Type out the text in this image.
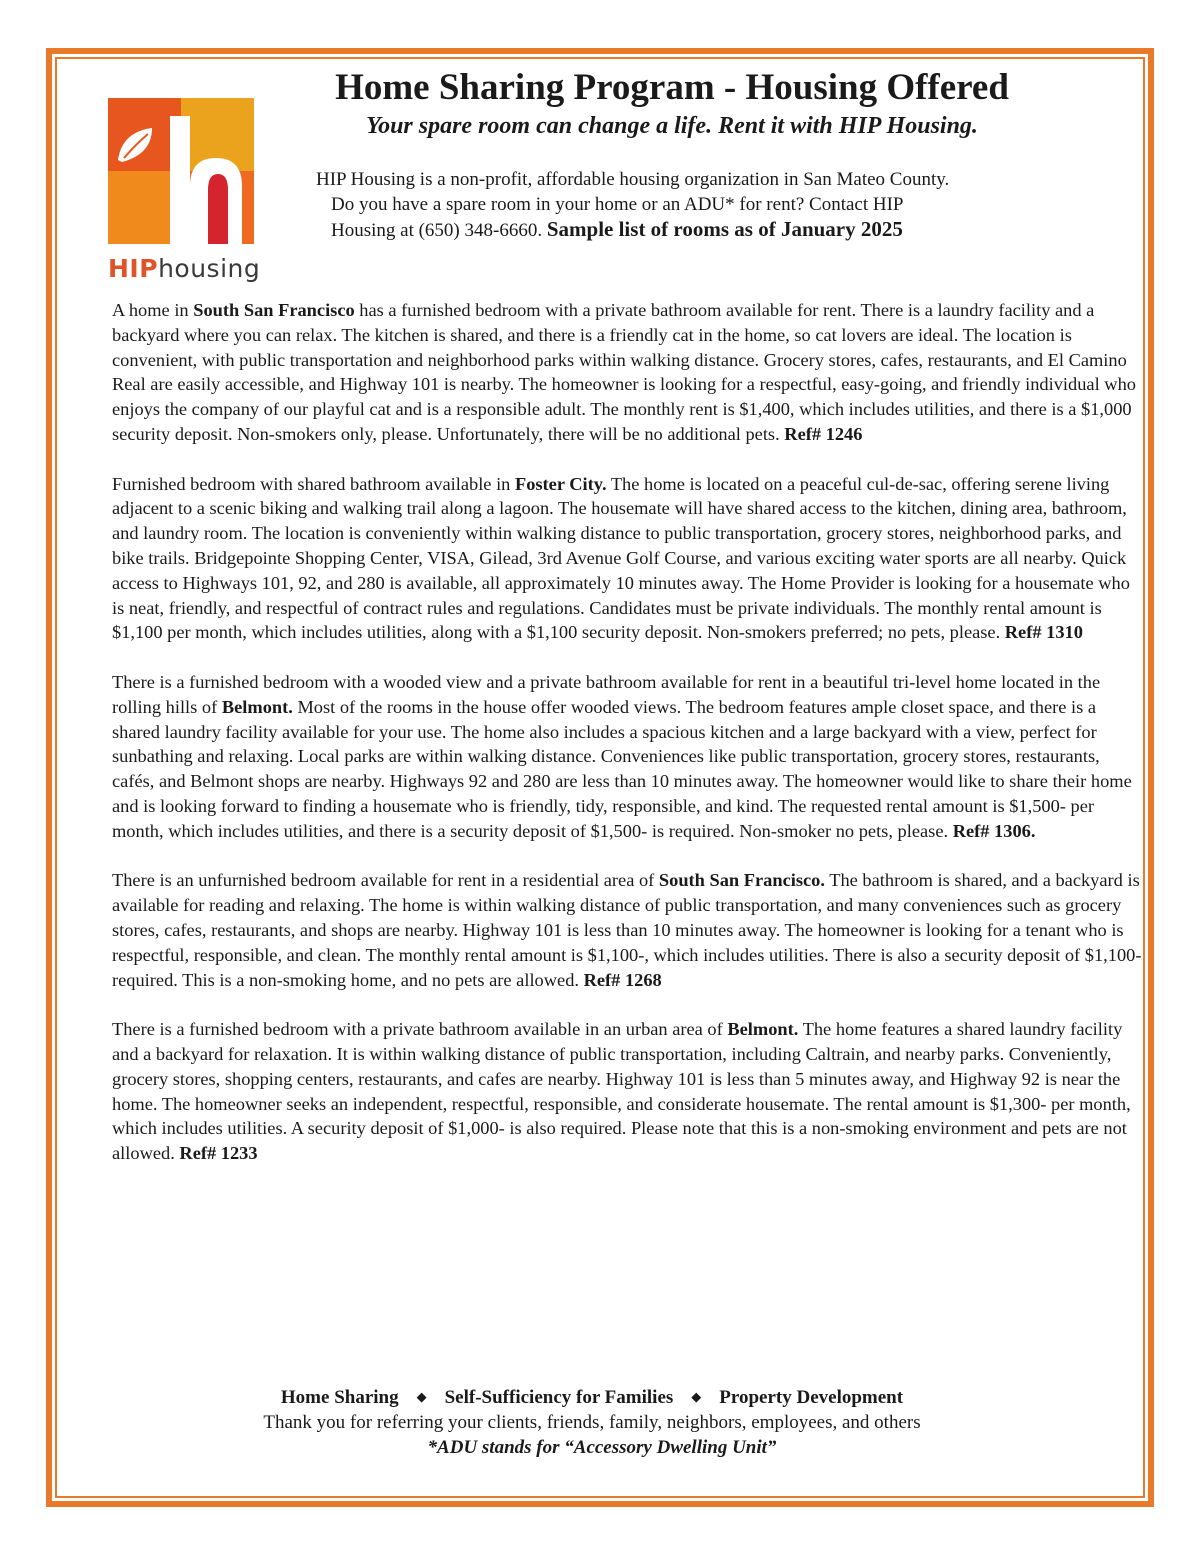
HIPhousing
Home Sharing Program - Housing Offered
Your spare room can change a life. Rent it with HIP Housing.
HIP Housing is a non-profit, affordable housing organization in San Mateo County.
Do you have a spare room in your home or an ADU* for rent? Contact HIP
Housing at (650) 348-6660. Sample list of rooms as of January 2025

A home in South San Francisco has a furnished bedroom with a private bathroom available for rent. There is a laundry facility and a backyard where you can relax. The kitchen is shared, and there is a friendly cat in the home, so cat lovers are ideal. The location is convenient, with public transportation and neighborhood parks within walking distance. Grocery stores, cafes, restaurants, and El Camino Real are easily accessible, and Highway 101 is nearby. The homeowner is looking for a respectful, easy-going, and friendly individual who enjoys the company of our playful cat and is a responsible adult. The monthly rent is $1,400, which includes utilities, and there is a $1,000 security deposit. Non-smokers only, please. Unfortunately, there will be no additional pets. Ref# 1246

Furnished bedroom with shared bathroom available in Foster City. The home is located on a peaceful cul-de-sac, offering serene living adjacent to a scenic biking and walking trail along a lagoon. The housemate will have shared access to the kitchen, dining area, bathroom, and laundry room. The location is conveniently within walking distance to public transportation, grocery stores, neighborhood parks, and bike trails. Bridgepointe Shopping Center, VISA, Gilead, 3rd Avenue Golf Course, and various exciting water sports are all nearby. Quick access to Highways 101, 92, and 280 is available, all approximately 10 minutes away. The Home Provider is looking for a housemate who is neat, friendly, and respectful of contract rules and regulations. Candidates must be private individuals. The monthly rental amount is $1,100 per month, which includes utilities, along with a $1,100 security deposit. Non-smokers preferred; no pets, please. Ref# 1310

There is a furnished bedroom with a wooded view and a private bathroom available for rent in a beautiful tri-level home located in the rolling hills of Belmont. Most of the rooms in the house offer wooded views. The bedroom features ample closet space, and there is a shared laundry facility available for your use. The home also includes a spacious kitchen and a large backyard with a view, perfect for sunbathing and relaxing. Local parks are within walking distance. Conveniences like public transportation, grocery stores, restaurants, cafés, and Belmont shops are nearby. Highways 92 and 280 are less than 10 minutes away. The homeowner would like to share their home and is looking forward to finding a housemate who is friendly, tidy, responsible, and kind. The requested rental amount is $1,500- per month, which includes utilities, and there is a security deposit of $1,500- is required. Non-smoker no pets, please. Ref# 1306.

There is an unfurnished bedroom available for rent in a residential area of South San Francisco. The bathroom is shared, and a backyard is available for reading and relaxing. The home is within walking distance of public transportation, and many conveniences such as grocery stores, cafes, restaurants, and shops are nearby. Highway 101 is less than 10 minutes away. The homeowner is looking for a tenant who is respectful, responsible, and clean. The monthly rental amount is $1,100-, which includes utilities. There is also a security deposit of $1,100- required. This is a non-smoking home, and no pets are allowed. Ref# 1268

There is a furnished bedroom with a private bathroom available in an urban area of Belmont. The home features a shared laundry facility and a backyard for relaxation. It is within walking distance of public transportation, including Caltrain, and nearby parks. Conveniently, grocery stores, shopping centers, restaurants, and cafes are nearby. Highway 101 is less than 5 minutes away, and Highway 92 is near the home. The homeowner seeks an independent, respectful, responsible, and considerate housemate. The rental amount is $1,300- per month, which includes utilities. A security deposit of $1,000- is also required. Please note that this is a non-smoking environment and pets are not allowed. Ref# 1233

Home Sharing ◆ Self-Sufficiency for Families ◆ Property Development
Thank you for referring your clients, friends, family, neighbors, employees, and others
*ADU stands for “Accessory Dwelling Unit”
